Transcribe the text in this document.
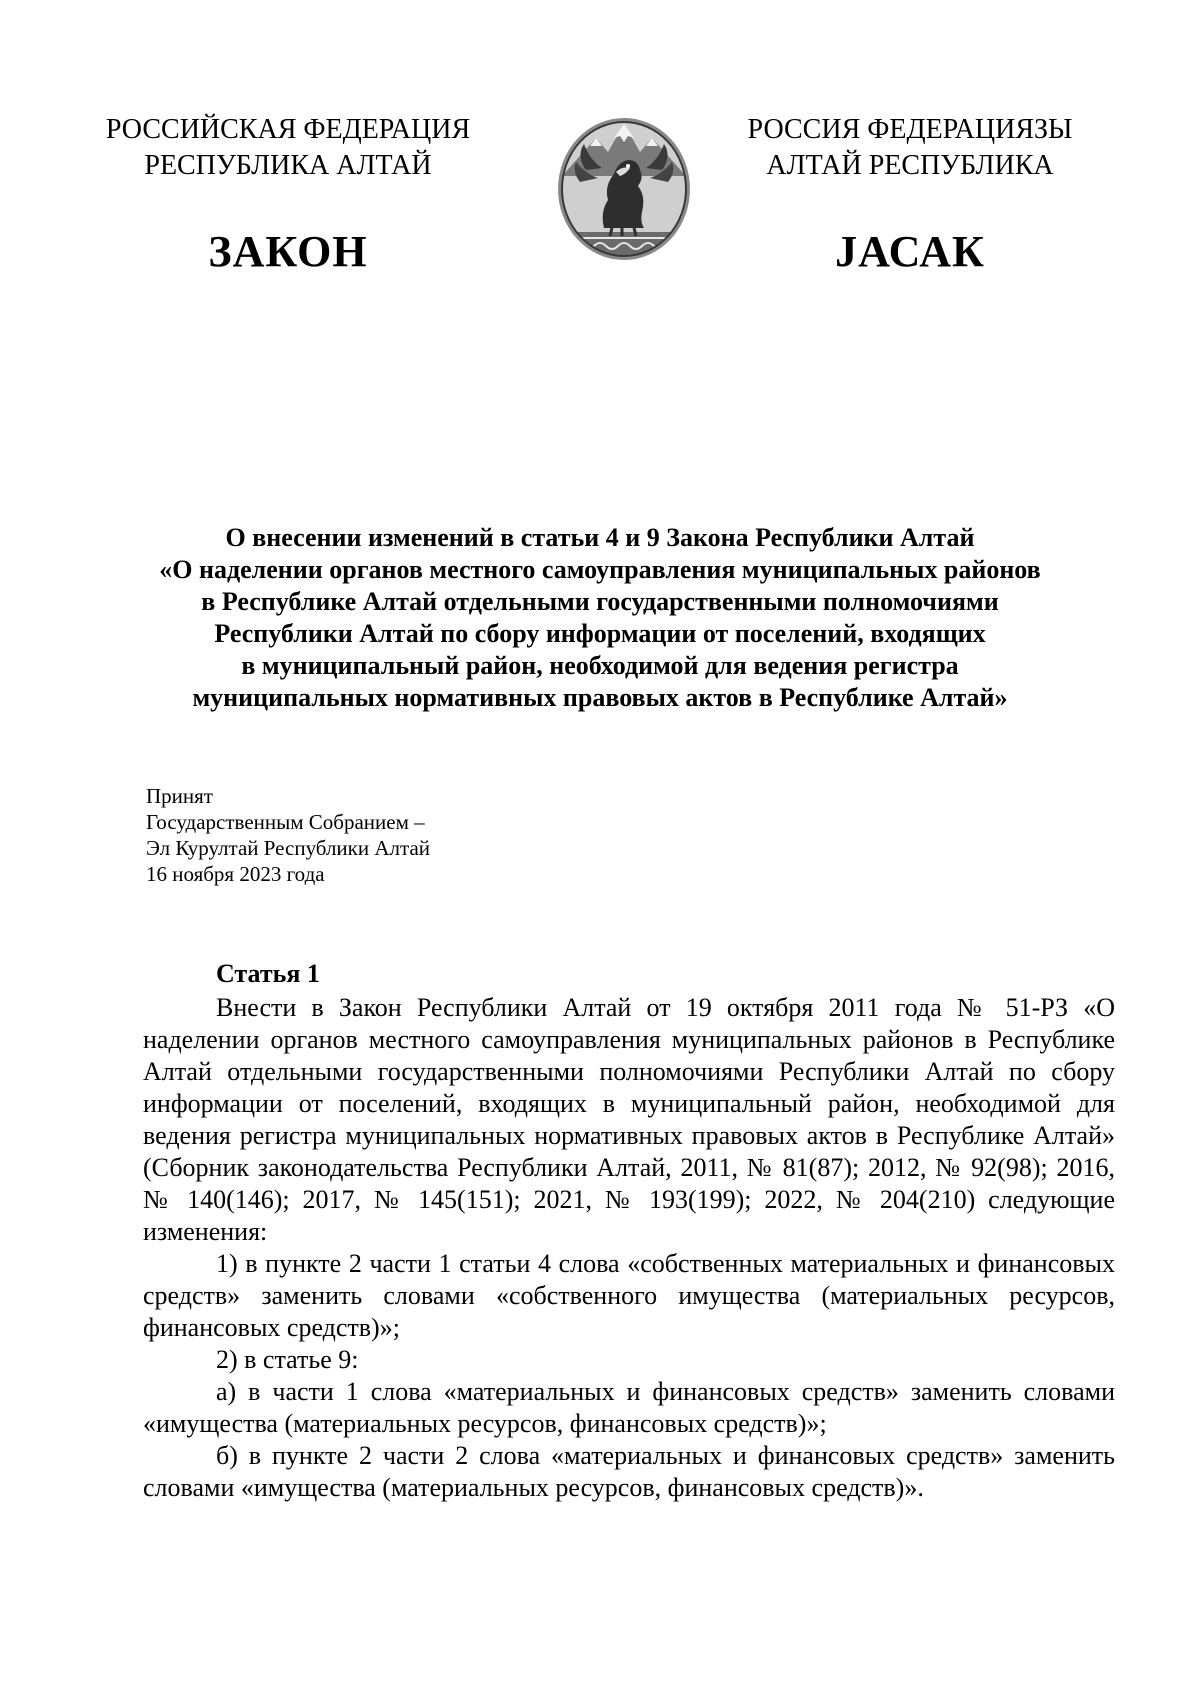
РОССИЙСКАЯ ФЕДЕРАЦИЯ
РЕСПУБЛИКА АЛТАЙ
РОССИЯ ФЕДЕРАЦИЯЗЫ
АЛТАЙ РЕСПУБЛИКА
ЗАКОН	JАСАК
О внесении изменений в статьи 4 и 9 Закона Республики Алтай
«О наделении органов местного самоуправления муниципальных районов
в Республике Алтай отдельными государственными полномочиями
Республики Алтай по сбору информации от поселений, входящих
в муниципальный район, необходимой для ведения регистра
муниципальных нормативных правовых актов в Республике Алтай»
Принят
Государственным Собранием –
Эл Курултай Республики Алтай
16 ноября 2023 года
Статья 1

Внести в Закон Республики Алтай от 19 октября 2011 года № 51-РЗ «О наделении органов местного самоуправления муниципальных районов в Республике Алтай отдельными государственными полномочиями Республики Алтай по сбору информации от поселений, входящих в муниципальный район, необходимой для ведения регистра муниципальных нормативных правовых актов в Республике Алтай» (Сборник законодательства Республики Алтай, 2011, № 81(87); 2012, № 92(98); 2016, № 140(146); 2017, № 145(151); 2021, № 193(199); 2022, № 204(210) следующие изменения:

1) в пункте 2 части 1 статьи 4 слова «собственных материальных и финансовых средств» заменить словами «собственного имущества (материальных ресурсов, финансовых средств)»;

2) в статье 9:

а) в части 1 слова «материальных и финансовых средств» заменить словами «имущества (материальных ресурсов, финансовых средств)»;

б) в пункте 2 части 2 слова «материальных и финансовых средств» заменить словами «имущества (материальных ресурсов, финансовых средств)».
